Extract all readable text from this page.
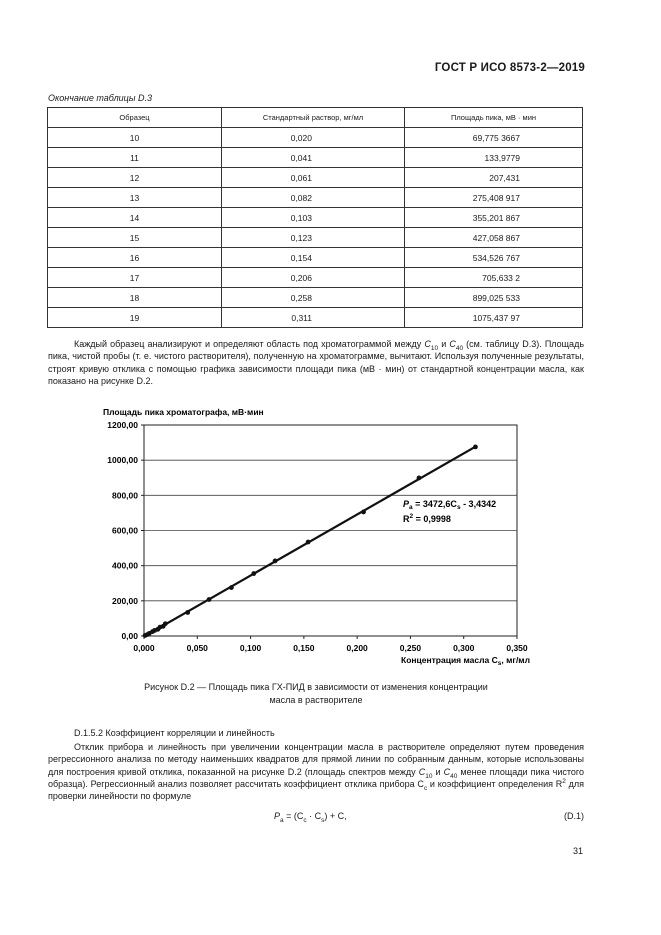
ГОСТ Р ИСО 8573-2—2019
Окончание таблицы D.3
Образец	Стандартный раствор, мг/мл	Площадь пика, мВ · мин
10	0,020	69,775 3667
11	0,041	133,9779
12	0,061	207,431
13	0,082	275,408 917
14	0,103	355,201 867
15	0,123	427,058 867
16	0,154	534,526 767
17	0,206	705,633 2
18	0,258	899,025 533
19	0,311	1075,437 97
Каждый образец анализируют и определяют область под хроматограммой между $C_{10}$ и $C_{40}$ (см. таблицу D.3). Площадь пика, чистой пробы (т. е. чистого растворителя), полученную на хроматограмме, вычитают. Используя полученные результаты, строят кривую отклика с помощью графика зависимости площади пика (мВ · мин) от стандартной концентрации масла, как показано на рисунке D.2.
0,00
200,00
400,00
600,00
800,00
1000,00
1200,00
0,000	0,050	0,100	0,150	0,200	0,250	0,300	0,350
Площадь пика хроматографа, мВ·мин
Концентрация масла $C_s$, мг/мл
$P_a = 3472,6C_s - 3,4342$
$R^2 = 0,9998$
Рисунок D.2 — Площадь пика ГХ-ПИД в зависимости от изменения концентрации
масла в растворителе
D.1.5.2 Коэффициент корреляции и линейность
Отклик прибора и линейность при увеличении концентрации масла в растворителе определяют путем проведения регрессионного анализа по методу наименьших квадратов для прямой линии по собранным данным, которые использованы для построения кривой отклика, показанной на рисунке D.2 (площадь спектров между $C_{10}$ и $C_{40}$ менее площади пика чистого образца). Регрессионный анализ позволяет рассчитать коэффициент отклика прибора $C_c$ и коэффициент определения $R^2$ для проверки линейности по формуле
$P_a = (C_c \cdot C_s) + C$,	(D.1)
31
